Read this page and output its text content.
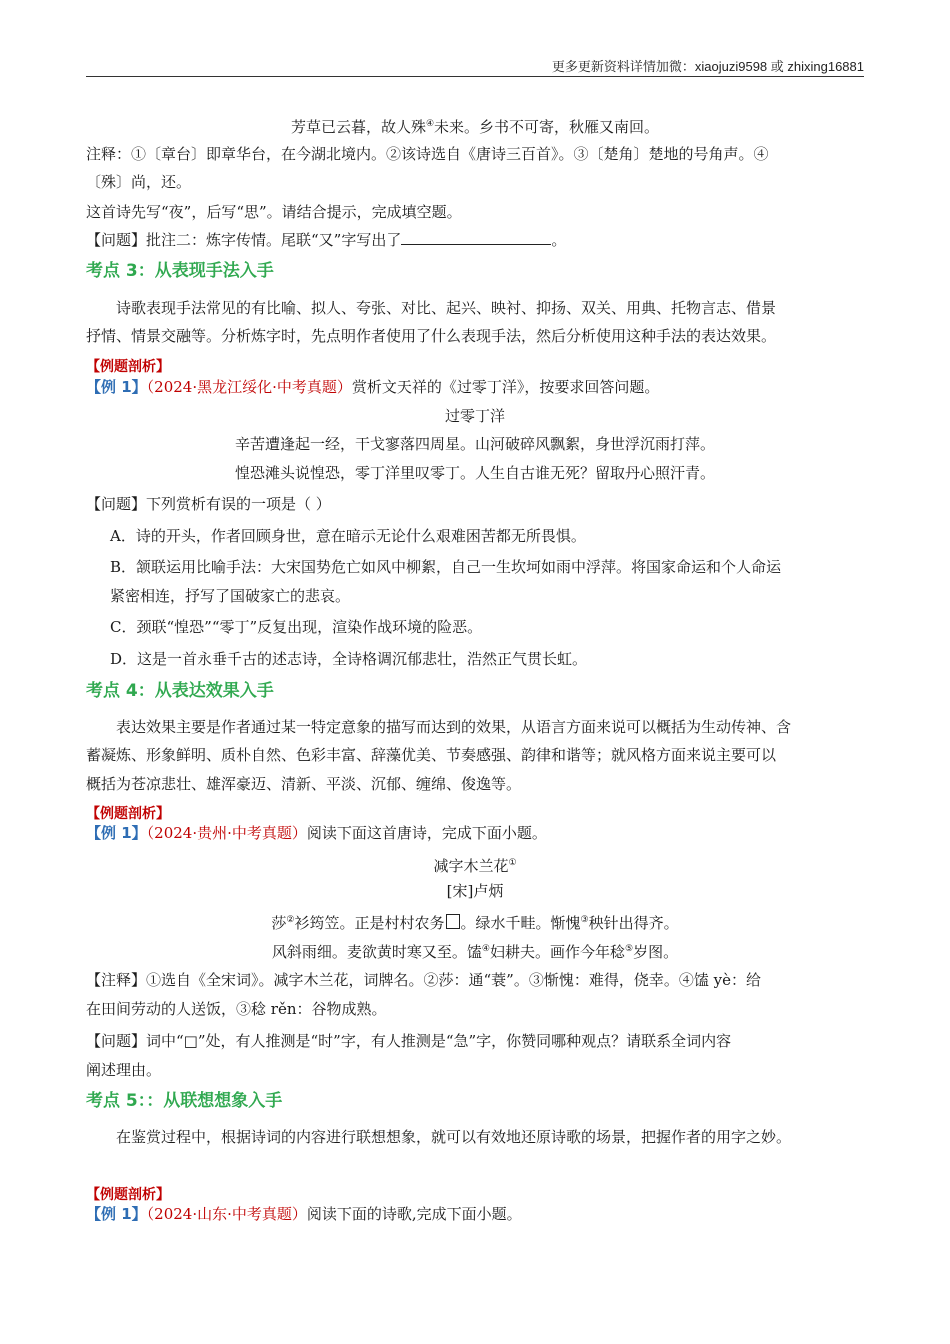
更多更新资料详情加微：xiaojuzi9598 或 zhixing16881
芳草已云暮，故人殊④未来。乡书不可寄，秋雁又南回。
注释：①〔章台〕即章华台，在今湖北境内。②该诗选自《唐诗三百首》。③〔楚角〕楚地的号角声。④
〔殊〕尚，还。
这首诗先写“夜”，后写“思”。请结合提示，完成填空题。
【问题】批注二：炼字传情。尾联“又”字写出了	。
考点 3：从表现手法入手
诗歌表现手法常见的有比喻、拟人、夸张、对比、起兴、映衬、抑扬、双关、用典、托物言志、借景
抒情、情景交融等。分析炼字时，先点明作者使用了什么表现手法，然后分析使用这种手法的表达效果。
【例题剖析】
【例 1】（2024·黑龙江绥化·中考真题）赏析文天祥的《过零丁洋》，按要求回答问题。
过零丁洋
辛苦遭逢起一经，干戈寥落四周星。山河破碎风飘絮，身世浮沉雨打萍。
惶恐滩头说惶恐，零丁洋里叹零丁。人生自古谁无死？留取丹心照汗青。
【问题】下列赏析有误的一项是（ ）
A．诗的开头，作者回顾身世，意在暗示无论什么艰难困苦都无所畏惧。
B．颔联运用比喻手法：大宋国势危亡如风中柳絮，自己一生坎坷如雨中浮萍。将国家命运和个人命运
紧密相连，抒写了国破家亡的悲哀。
C．颈联“惶恐”“零丁”反复出现，渲染作战环境的险恶。
D．这是一首永垂千古的述志诗，全诗格调沉郁悲壮，浩然正气贯长虹。
考点 4：从表达效果入手
表达效果主要是作者通过某一特定意象的描写而达到的效果，从语言方面来说可以概括为生动传神、含
蓄凝炼、形象鲜明、质朴自然、色彩丰富、辞藻优美、节奏感强、韵律和谐等；就风格方面来说主要可以
概括为苍凉悲壮、雄浑豪迈、清新、平淡、沉郁、缠绵、俊逸等。
【例题剖析】
【例 1】（2024·贵州·中考真题）阅读下面这首唐诗，完成下面小题。
减字木兰花①
[宋]卢炳
莎②衫筠笠。正是村村农务 。绿水千畦。惭愧③秧针出得齐。
风斜雨细。麦欲黄时寒又至。馌④妇耕夫。画作今年稔⑤岁图。
【注释】①选自《全宋词》。减字木兰花，词牌名。②莎：通“蓑”。③惭愧：难得，侥幸。④馌 yè：给
在田间劳动的人送饭，③稔 rěn：谷物成熟。
【问题】词中“□”处，有人推测是“时”字，有人推测是“急”字，你赞同哪种观点？请联系全词内容
阐述理由。
考点 5：：从联想想象入手
在鉴赏过程中，根据诗词的内容进行联想想象，就可以有效地还原诗歌的场景，把握作者的用字之妙。
【例题剖析】
【例 1】（2024·山东·中考真题）阅读下面的诗歌,完成下面小题。
